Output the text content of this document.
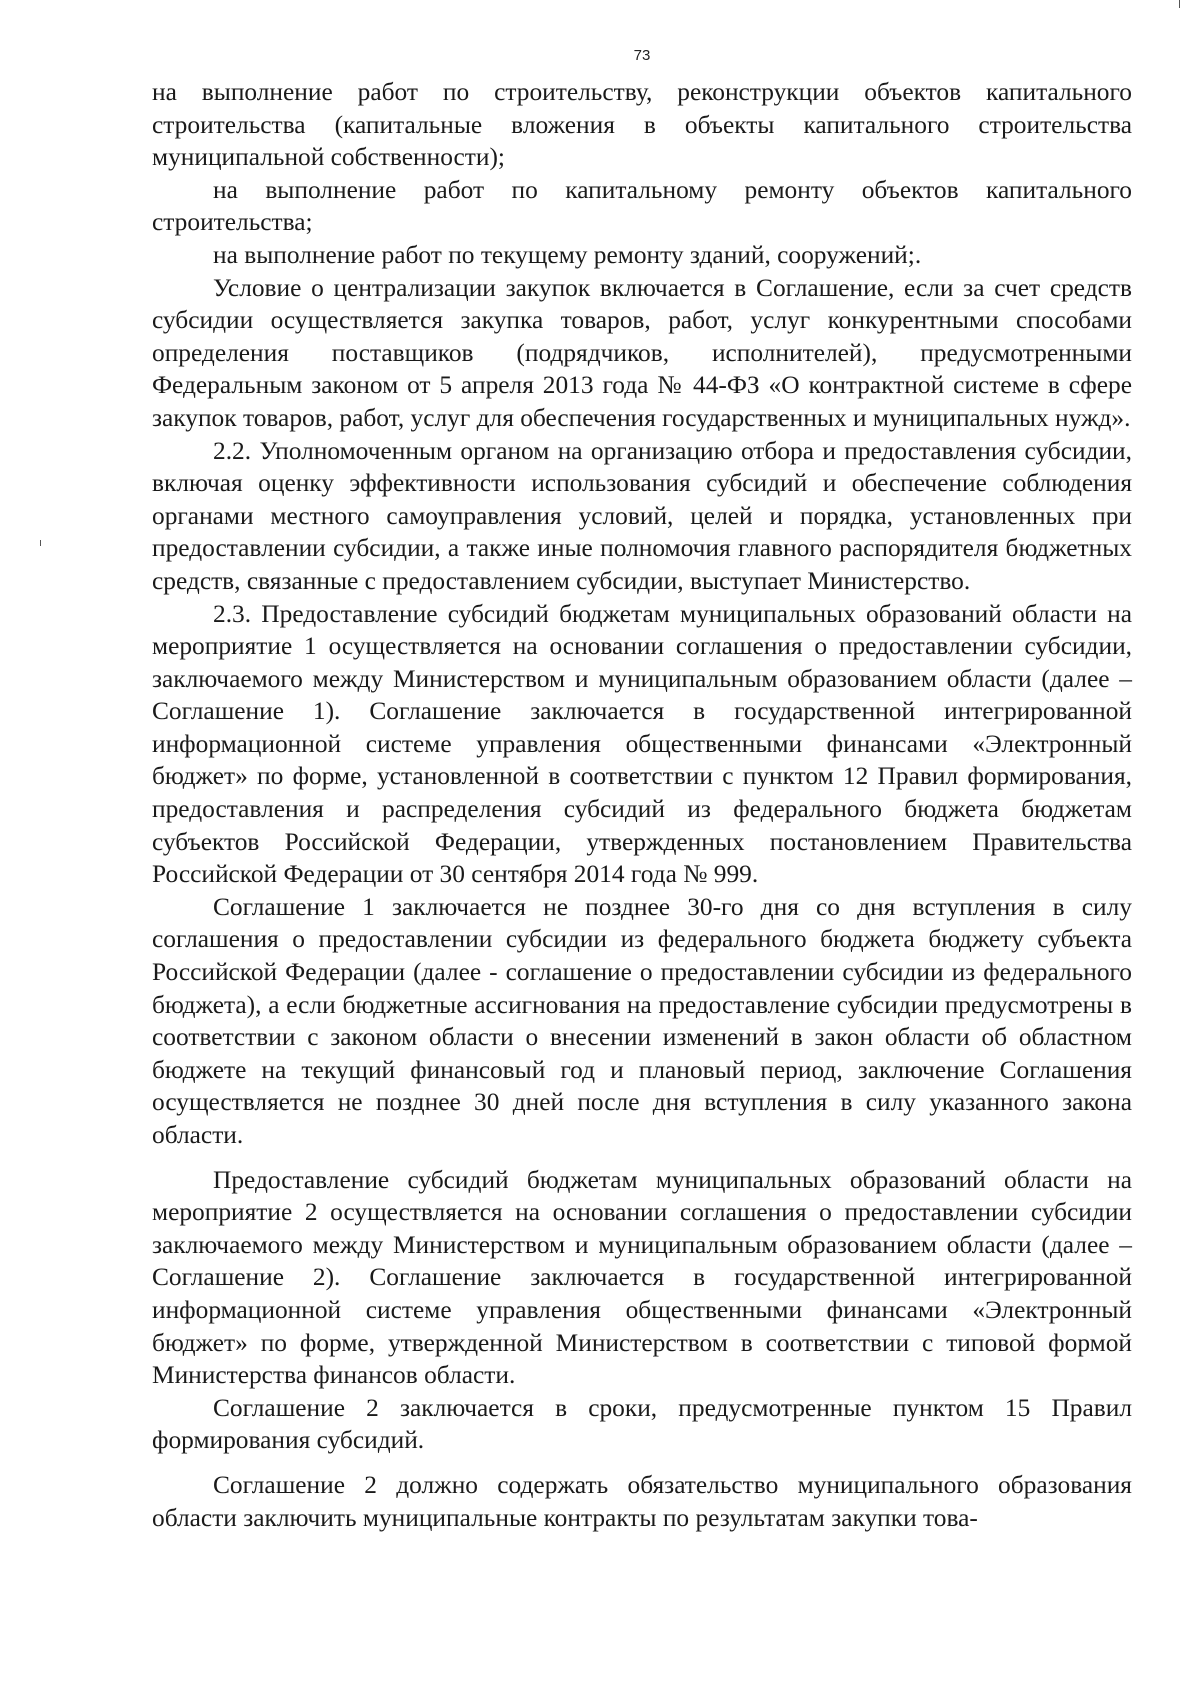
73

на выполнение работ по строительству, реконструкции объектов капитального строительства (капитальные вложения в объекты капитального строительства муниципальной собственности);

на выполнение работ по капитальному ремонту объектов капитального строительства;

на выполнение работ по текущему ремонту зданий, сооружений;.

Условие о централизации закупок включается в Соглашение, если за счет средств субсидии осуществляется закупка товаров, работ, услуг конкурентными способами определения поставщиков (подрядчиков, исполнителей), предусмотренными Федеральным законом от 5 апреля 2013 года № 44-ФЗ «О контрактной системе в сфере закупок товаров, работ, услуг для обеспечения государственных и муниципальных нужд».

2.2. Уполномоченным органом на организацию отбора и предоставления субсидии, включая оценку эффективности использования субсидий и обеспечение соблюдения органами местного самоуправления условий, целей и порядка, установленных при предоставлении субсидии, а также иные полномочия главного распорядителя бюджетных средств, связанные с предоставлением субсидии, выступает Министерство.

2.3. Предоставление субсидий бюджетам муниципальных образований области на мероприятие 1 осуществляется на основании соглашения о предоставлении субсидии, заключаемого между Министерством и муниципальным образованием области (далее – Соглашение 1). Соглашение заключается в государственной интегрированной информационной системе управления общественными финансами «Электронный бюджет» по форме, установленной в соответствии с пунктом 12 Правил формирования, предоставления и распределения субсидий из федерального бюджета бюджетам субъектов Российской Федерации, утвержденных постановлением Правительства Российской Федерации от 30 сентября 2014 года № 999.

Соглашение 1 заключается не позднее 30-го дня со дня вступления в силу соглашения о предоставлении субсидии из федерального бюджета бюджету субъекта Российской Федерации (далее - соглашение о предоставлении субсидии из федерального бюджета), а если бюджетные ассигнования на предоставление субсидии предусмотрены в соответствии с законом области о внесении изменений в закон области об областном бюджете на текущий финансовый год и плановый период, заключение Соглашения осуществляется не позднее 30 дней после дня вступления в силу указанного закона области.

Предоставление субсидий бюджетам муниципальных образований области на мероприятие 2 осуществляется на основании соглашения о предоставлении субсидии заключаемого между Министерством и муниципальным образованием области (далее – Соглашение 2). Соглашение заключается в государственной интегрированной информационной системе управления общественными финансами «Электронный бюджет» по форме, утвержденной Министерством в соответствии с типовой формой Министерства финансов области.

Соглашение 2 заключается в сроки, предусмотренные пунктом 15 Правил формирования субсидий.

Соглашение 2 должно содержать обязательство муниципального образования области заключить муниципальные контракты по результатам закупки това-
